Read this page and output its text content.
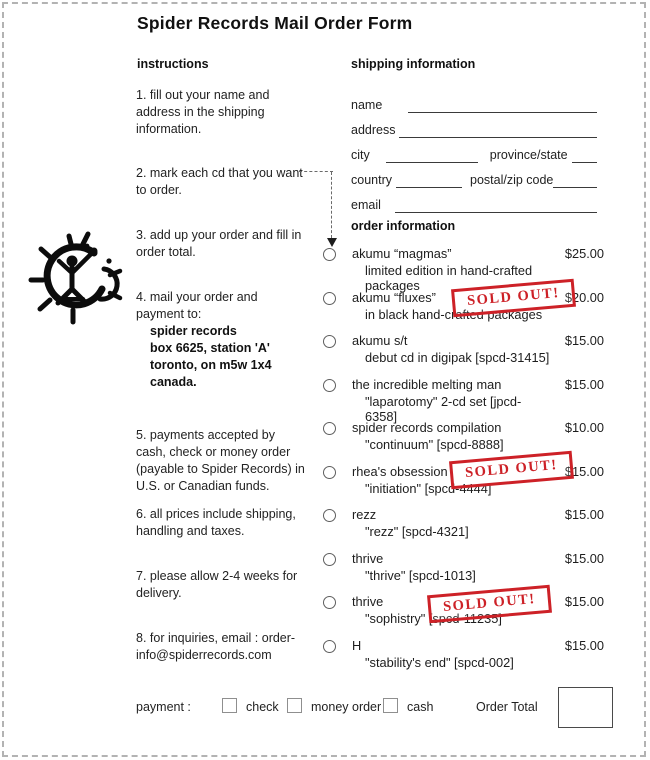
Spider Records Mail Order Form
instructions	shipping information
1. fill out your name and address in the shipping information.
2. mark each cd that you want to order.
3. add up your order and fill in order total.
4. mail your order and payment to:
spider records
box 6625, station 'A'
toronto, on m5w 1x4
canada.
5. payments accepted by cash, check or money order (payable to Spider Records) in U.S. or Canadian funds.
6. all prices include shipping, handling and taxes.
7. please allow 2-4 weeks for delivery.
8. for inquiries, email : order-info@spiderrecords.com
name
address
city	province/state
country	postal/zip code
email
order information
akumu “magmas”
limited edition in hand-crafted packages
$25.00
akumu “fluxes”
in black hand-crafted packages
$20.00
SOLD OUT!
akumu s/t
debut cd in digipak [spcd-31415]
$15.00
the incredible melting man
"laparotomy" 2-cd set [jpcd-6358]
$15.00
spider records compilation
"continuum" [spcd-8888]
$10.00
rhea's obsession
"initiation" [spcd-4444]
$15.00
SOLD OUT!
rezz
"rezz" [spcd-4321]
$15.00
thrive
"thrive" [spcd-1013]
$15.00
thrive
"sophistry" [spcd-11235]
$15.00
SOLD OUT!
H
"stability's end" [spcd-002]
$15.00
payment :	check	money order cash	Order Total
